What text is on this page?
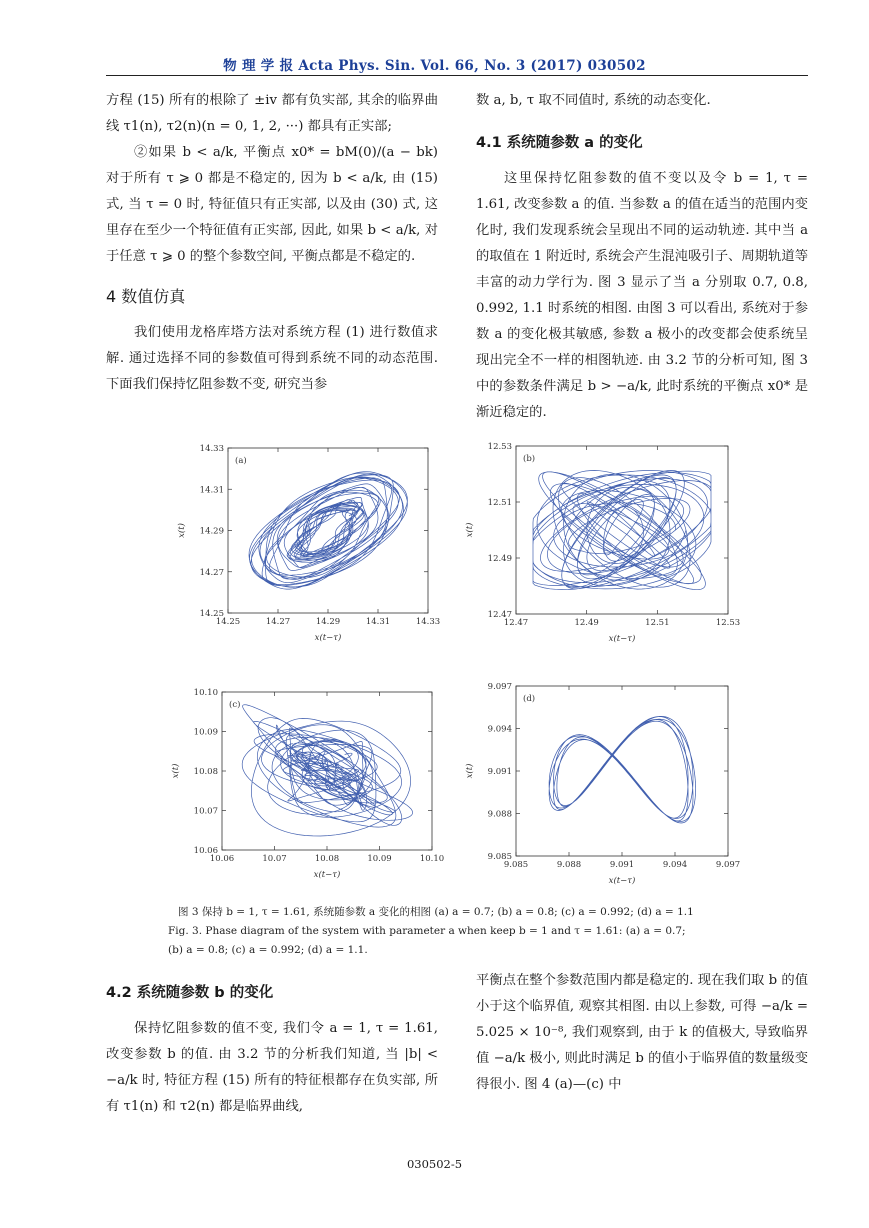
物 理 学 报 Acta Phys. Sin. Vol. 66, No. 3 (2017) 030502

方程 (15) 所有的根除了 ±iv 都有负实部, 其余的临界曲线 τ1(n), τ2(n)(n = 0, 1, 2, ···) 都具有正实部;

②如果 b < a/k, 平衡点 x0* = bM(0)/(a − bk) 对于所有 τ ⩾ 0 都是不稳定的, 因为 b < a/k, 由 (15) 式, 当 τ = 0 时, 特征值只有正实部, 以及由 (30) 式, 这里存在至少一个特征值有正实部, 因此, 如果 b < a/k, 对于任意 τ ⩾ 0 的整个参数空间, 平衡点都是不稳定的.

4 数值仿真

我们使用龙格库塔方法对系统方程 (1) 进行数值求解. 通过选择不同的参数值可得到系统不同的动态范围. 下面我们保持忆阻参数不变, 研究当参

数 a, b, τ 取不同值时, 系统的动态变化.

4.1 系统随参数 a 的变化

这里保持忆阻参数的值不变以及令 b = 1, τ = 1.61, 改变参数 a 的值. 当参数 a 的值在适当的范围内变化时, 我们发现系统会呈现出不同的运动轨迹. 其中当 a 的取值在 1 附近时, 系统会产生混沌吸引子、周期轨道等丰富的动力学行为. 图 3 显示了当 a 分别取 0.7, 0.8, 0.992, 1.1 时系统的相图. 由图 3 可以看出, 系统对于参数 a 的变化极其敏感, 参数 a 极小的改变都会使系统呈现出完全不一样的相图轨迹. 由 3.2 节的分析可知, 图 3 中的参数条件满足 b > −a/k, 此时系统的平衡点 x0* 是渐近稳定的.

14.25	14.27	14.29	14.31	14.33
14.25
14.27
14.29
14.31
14.33
(a)
x(t−τ)
x(t)
12.47	12.49	12.51	12.53
12.47
12.49
12.51
12.53
(b)
x(t−τ)
x(t)
10.06	10.07	10.08	10.09	10.10
10.06
10.07
10.08
10.09
10.10
(c)
x(t−τ)
x(t)
9.085	9.088	9.091	9.094	9.097
9.085
9.088
9.091
9.094
9.097
(d)
x(t−τ)
x(t)
图 3 保持 b = 1, τ = 1.61, 系统随参数 a 变化的相图 (a) a = 0.7; (b) a = 0.8; (c) a = 0.992; (d) a = 1.1
Fig. 3. Phase diagram of the system with parameter a when keep b = 1 and τ = 1.61: (a) a = 0.7;
(b) a = 0.8; (c) a = 0.992; (d) a = 1.1.

4.2 系统随参数 b 的变化

保持忆阻参数的值不变, 我们令 a = 1, τ = 1.61, 改变参数 b 的值. 由 3.2 节的分析我们知道, 当 |b| < −a/k 时, 特征方程 (15) 所有的特征根都存在负实部, 所有 τ1(n) 和 τ2(n) 都是临界曲线,

平衡点在整个参数范围内都是稳定的. 现在我们取 b 的值小于这个临界值, 观察其相图. 由以上参数, 可得 −a/k = 5.025 × 10⁻⁸, 我们观察到, 由于 k 的值极大, 导致临界值 −a/k 极小, 则此时满足 b 的值小于临界值的数量级变得很小. 图 4 (a)—(c) 中

030502-5
